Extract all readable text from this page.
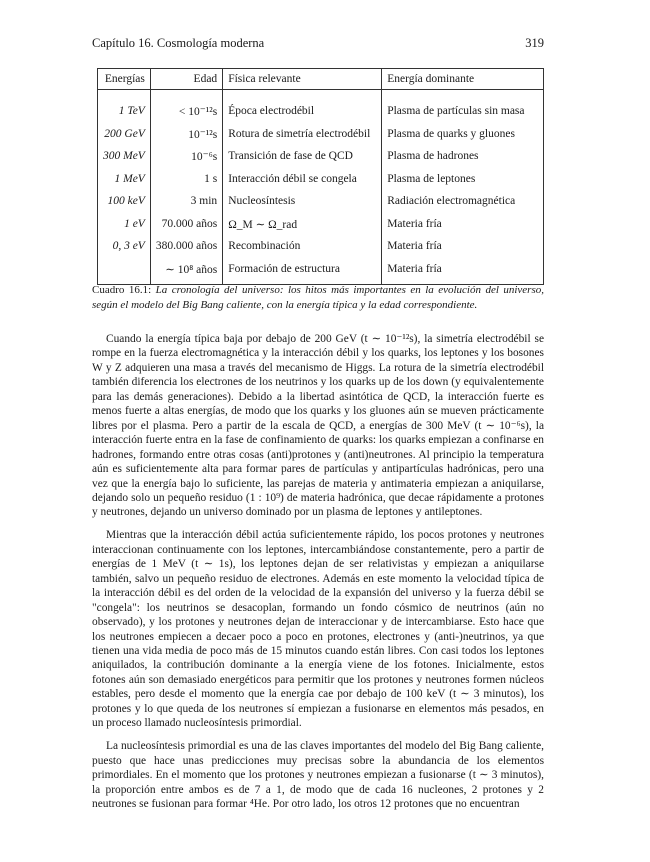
Capítulo 16. Cosmología moderna	319
Energías	Edad	Física relevante	Energía dominante

1 TeV	< 10⁻¹²s	Época electrodébil	Plasma de partículas sin masa
200 GeV	10⁻¹²s	Rotura de simetría electrodébil	Plasma de quarks y gluones
300 MeV	10⁻⁶s	Transición de fase de QCD	Plasma de hadrones
1 MeV	1 s	Interacción débil se congela	Plasma de leptones
100 keV	3 min	Nucleosíntesis	Radiación electromagnética
1 eV	70.000 años	Ω_M ∼ Ω_rad	Materia fría
0, 3 eV	380.000 años	Recombinación	Materia fría
	∼ 10⁸ años	Formación de estructura	Materia fría
Cuadro 16.1: La cronología del universo: los hitos más importantes en la evolución del universo, según el modelo del Big Bang caliente, con la energía típica y la edad correspondiente.

Cuando la energía típica baja por debajo de 200 GeV (t ∼ 10⁻¹²s), la simetría electrodébil se rompe en la fuerza electromagnética y la interacción débil y los quarks, los leptones y los bosones W y Z adquieren una masa a través del mecanismo de Higgs. La rotura de la simetría electrodébil también diferencia los electrones de los neutrinos y los quarks up de los down (y equivalentemente para las demás generaciones). Debido a la libertad asintótica de QCD, la interacción fuerte es menos fuerte a altas energías, de modo que los quarks y los gluones aún se mueven prácticamente libres por el plasma. Pero a partir de la escala de QCD, a energías de 300 MeV (t ∼ 10⁻⁶s), la interacción fuerte entra en la fase de confinamiento de quarks: los quarks empiezan a confinarse en hadrones, formando entre otras cosas (anti)protones y (anti)neutrones. Al principio la temperatura aún es suficientemente alta para formar pares de partículas y antipartículas hadrónicas, pero una vez que la energía bajo lo suficiente, las parejas de materia y antimateria empiezan a aniquilarse, dejando solo un pequeño residuo (1 : 10⁹) de materia hadrónica, que decae rápidamente a protones y neutrones, dejando un universo dominado por un plasma de leptones y antileptones.

Mientras que la interacción débil actúa suficientemente rápido, los pocos protones y neutrones interaccionan continuamente con los leptones, intercambiándose constantemente, pero a partir de energías de 1 MeV (t ∼ 1s), los leptones dejan de ser relativistas y empiezan a aniquilarse también, salvo un pequeño residuo de electrones. Además en este momento la velocidad típica de la interacción débil es del orden de la velocidad de la expansión del universo y la fuerza débil se "congela": los neutrinos se desacoplan, formando un fondo cósmico de neutrinos (aún no observado), y los protones y neutrones dejan de interaccionar y de intercambiarse. Esto hace que los neutrones empiecen a decaer poco a poco en protones, electrones y (anti-)neutrinos, ya que tienen una vida media de poco más de 15 minutos cuando están libres. Con casi todos los leptones aniquilados, la contribución dominante a la energía viene de los fotones. Inicialmente, estos fotones aún son demasiado energéticos para permitir que los protones y neutrones formen núcleos estables, pero desde el momento que la energía cae por debajo de 100 keV (t ∼ 3 minutos), los protones y lo que queda de los neutrones sí empiezan a fusionarse en elementos más pesados, en un proceso llamado nucleosíntesis primordial.

La nucleosíntesis primordial es una de las claves importantes del modelo del Big Bang caliente, puesto que hace unas predicciones muy precisas sobre la abundancia de los elementos primordiales. En el momento que los protones y neutrones empiezan a fusionarse (t ∼ 3 minutos), la proporción entre ambos es de 7 a 1, de modo que de cada 16 nucleones, 2 protones y 2 neutrones se fusionan para formar ⁴He. Por otro lado, los otros 12 protones que no encuentran
